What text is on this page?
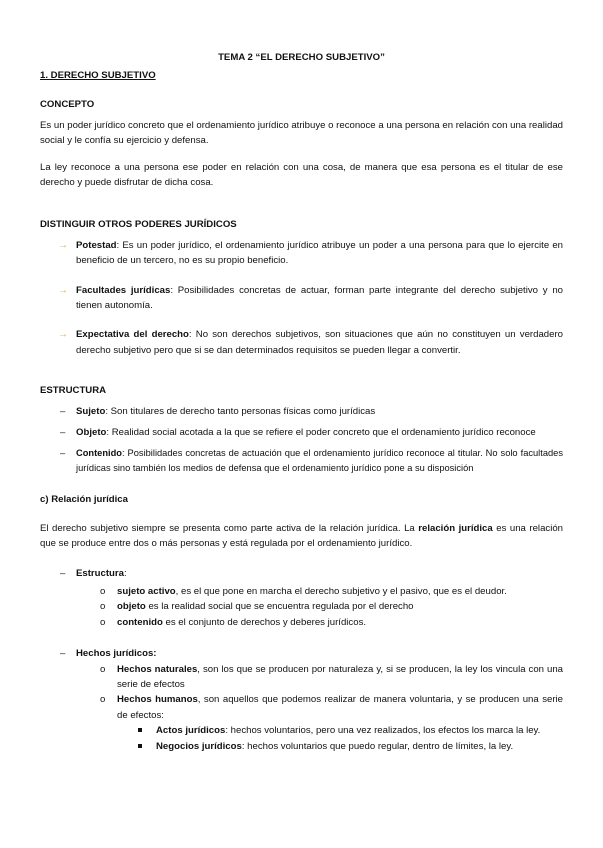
TEMA 2 “EL DERECHO SUBJETIVO”
1. DERECHO SUBJETIVO
CONCEPTO

Es un poder jurídico concreto que el ordenamiento jurídico atribuye o reconoce a una persona en relación con una realidad social y le confía su ejercicio y defensa.

La ley reconoce a una persona ese poder en relación con una cosa, de manera que esa persona es el titular de ese derecho y puede disfrutar de dicha cosa.

DISTINGUIR OTROS PODERES JURÍDICOS
→ Potestad: Es un poder jurídico, el ordenamiento jurídico atribuye un poder a una persona para que lo ejercite en beneficio de un tercero, no es su propio beneficio.
→ Facultades jurídicas: Posibilidades concretas de actuar, forman parte integrante del derecho subjetivo y no tienen autonomía.
→ Expectativa del derecho: No son derechos subjetivos, son situaciones que aún no constituyen un verdadero derecho subjetivo pero que si se dan determinados requisitos se pueden llegar a convertir.
ESTRUCTURA
– Sujeto: Son titulares de derecho tanto personas físicas como jurídicas
– Objeto: Realidad social acotada a la que se refiere el poder concreto que el ordenamiento jurídico reconoce
– Contenido: Posibilidades concretas de actuación que el ordenamiento jurídico reconoce al titular. No solo facultades jurídicas sino también los medios de defensa que el ordenamiento jurídico pone a su disposición
c) Relación jurídica

El derecho subjetivo siempre se presenta como parte activa de la relación jurídica. La relación jurídica es una relación que se produce entre dos o más personas y está regulada por el ordenamiento jurídico.

– Estructura:
o sujeto activo, es el que pone en marcha el derecho subjetivo y el pasivo, que es el deudor.
o objeto es la realidad social que se encuentra regulada por el derecho
o contenido es el conjunto de derechos y deberes jurídicos.
– Hechos jurídicos:
o Hechos naturales, son los que se producen por naturaleza y, si se producen, la ley los vincula con una serie de efectos
o Hechos humanos, son aquellos que podemos realizar de manera voluntaria, y se producen una serie de efectos:
Actos jurídicos: hechos voluntarios, pero una vez realizados, los efectos los marca la ley.
Negocios jurídicos: hechos voluntarios que puedo regular, dentro de límites, la ley.
